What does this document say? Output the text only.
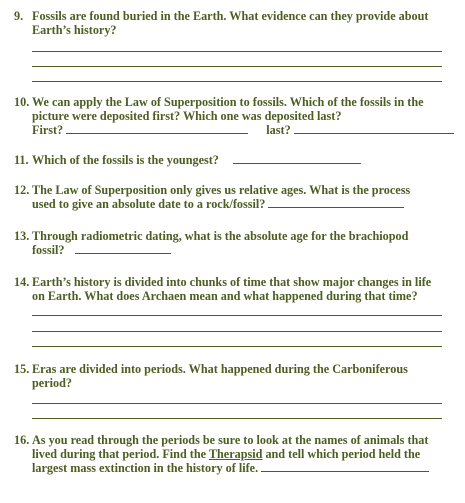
9. Fossils are found buried in the Earth. What evidence can they provide about
Earth’s history?
10. We can apply the Law of Superposition to fossils. Which of the fossils in the
picture were deposited first? Which one was deposited last?
First?	last?
11. Which of the fossils is the youngest?
12. The Law of Superposition only gives us relative ages. What is the process
used to give an absolute date to a rock/fossil?
13. Through radiometric dating, what is the absolute age for the brachiopod
fossil?
14. Earth’s history is divided into chunks of time that show major changes in life
on Earth. What does Archaen mean and what happened during that time?
15. Eras are divided into periods. What happened during the Carboniferous
period?
16. As you read through the periods be sure to look at the names of animals that
lived during that period. Find the Therapsid and tell which period held the
largest mass extinction in the history of life.
